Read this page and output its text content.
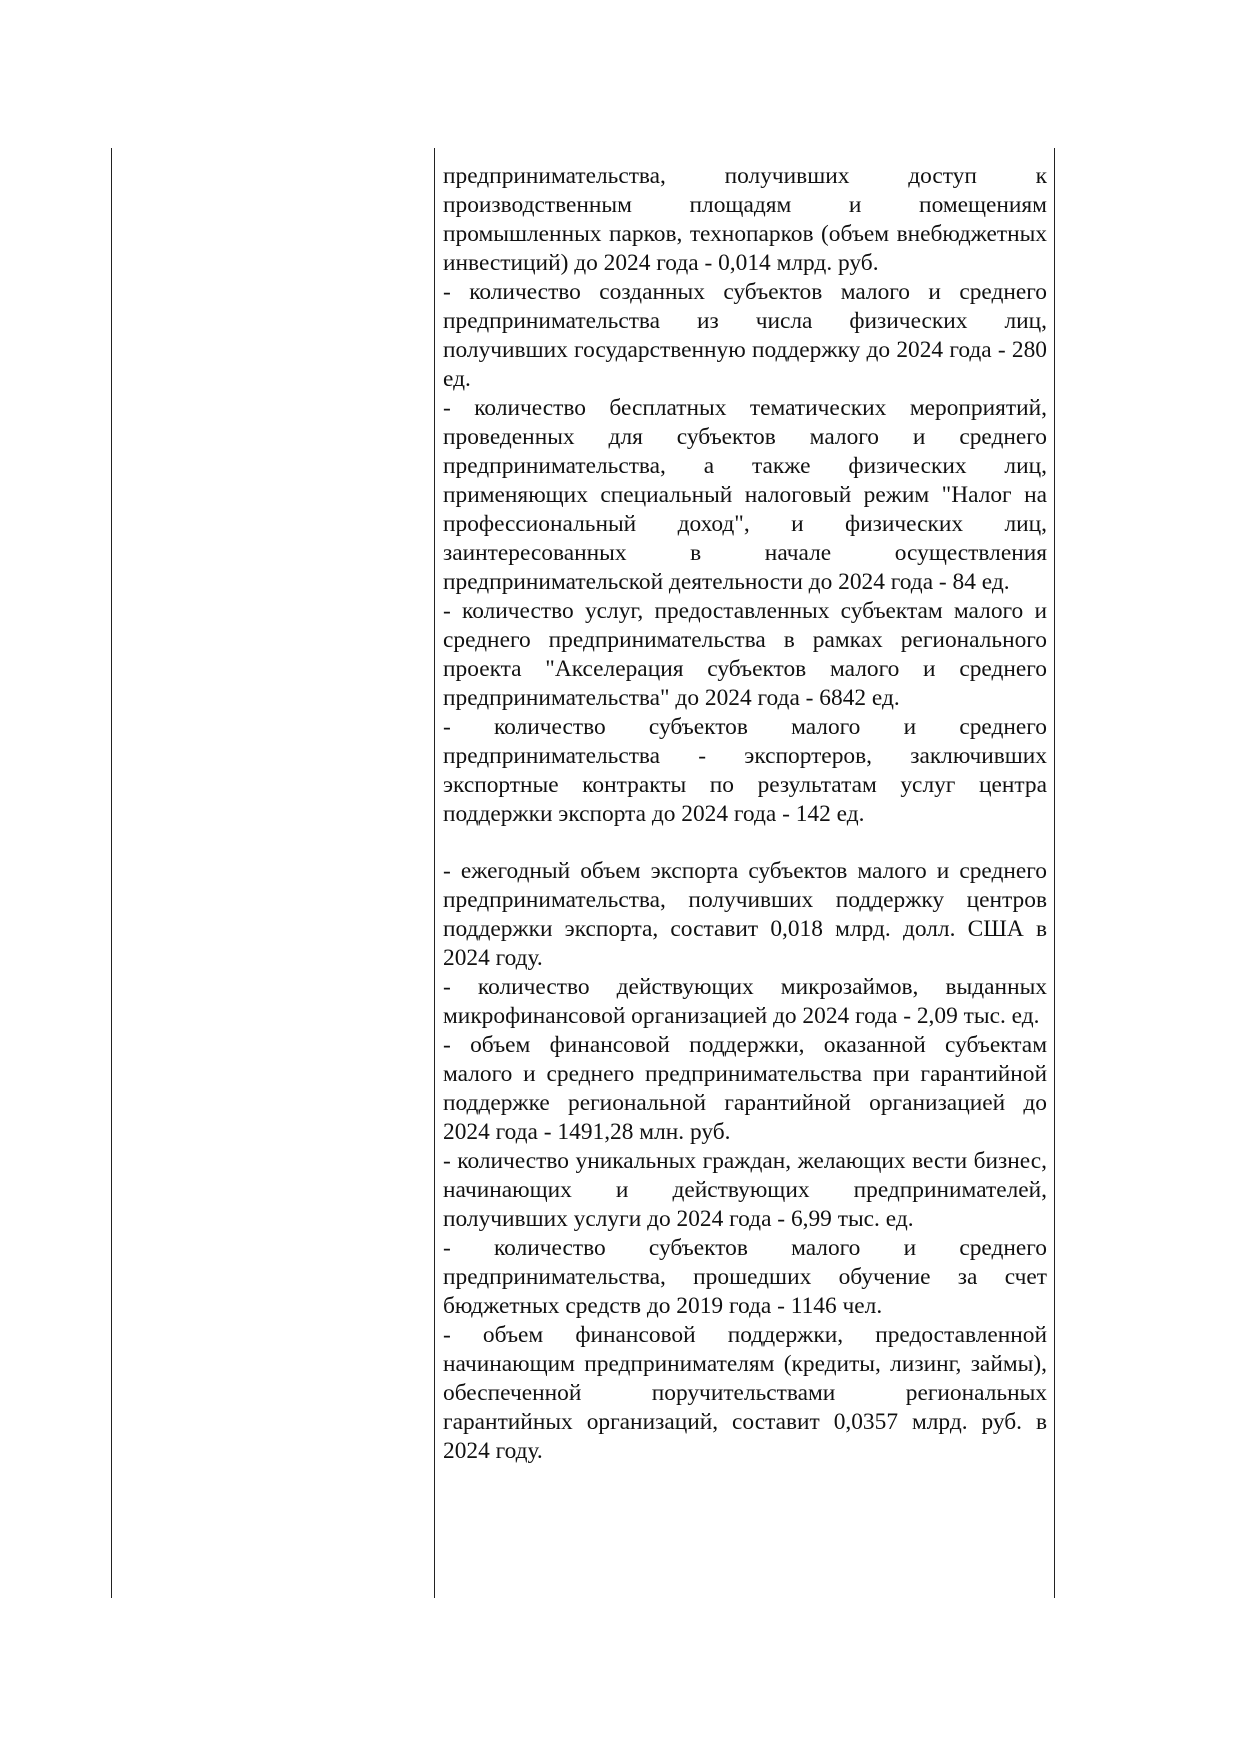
предпринимательства, получивших доступ к производственным площадям и помещениям промышленных парков, технопарков (объем внебюджетных инвестиций) до 2024 года - 0,014 млрд. руб.

- количество созданных субъектов малого и среднего предпринимательства из числа физических лиц, получивших государственную поддержку до 2024 года - 280 ед.

- количество бесплатных тематических мероприятий, проведенных для субъектов малого и среднего предпринимательства, а также физических лиц, применяющих специальный налоговый режим "Налог на профессиональный доход", и физических лиц, заинтересованных в начале осуществления предпринимательской деятельности до 2024 года - 84 ед.

- количество услуг, предоставленных субъектам малого и среднего предпринимательства в рамках регионального проекта "Акселерация субъектов малого и среднего предпринимательства" до 2024 года - 6842 ед.

- количество субъектов малого и среднего предпринимательства - экспортеров, заключивших экспортные контракты по результатам услуг центра поддержки экспорта до 2024 года - 142 ед.

- ежегодный объем экспорта субъектов малого и среднего предпринимательства, получивших поддержку центров поддержки экспорта, составит 0,018 млрд. долл. США в 2024 году.

- количество действующих микрозаймов, выданных микрофинансовой организацией до 2024 года - 2,09 тыс. ед.

- объем финансовой поддержки, оказанной субъектам малого и среднего предпринимательства при гарантийной поддержке региональной гарантийной организацией до 2024 года - 1491,28 млн. руб.

- количество уникальных граждан, желающих вести бизнес, начинающих и действующих предпринимателей, получивших услуги до 2024 года - 6,99 тыс. ед.

- количество субъектов малого и среднего предпринимательства, прошедших обучение за счет бюджетных средств до 2019 года - 1146 чел.

- объем финансовой поддержки, предоставленной начинающим предпринимателям (кредиты, лизинг, займы), обеспеченной поручительствами региональных гарантийных организаций, составит 0,0357 млрд. руб. в 2024 году.
